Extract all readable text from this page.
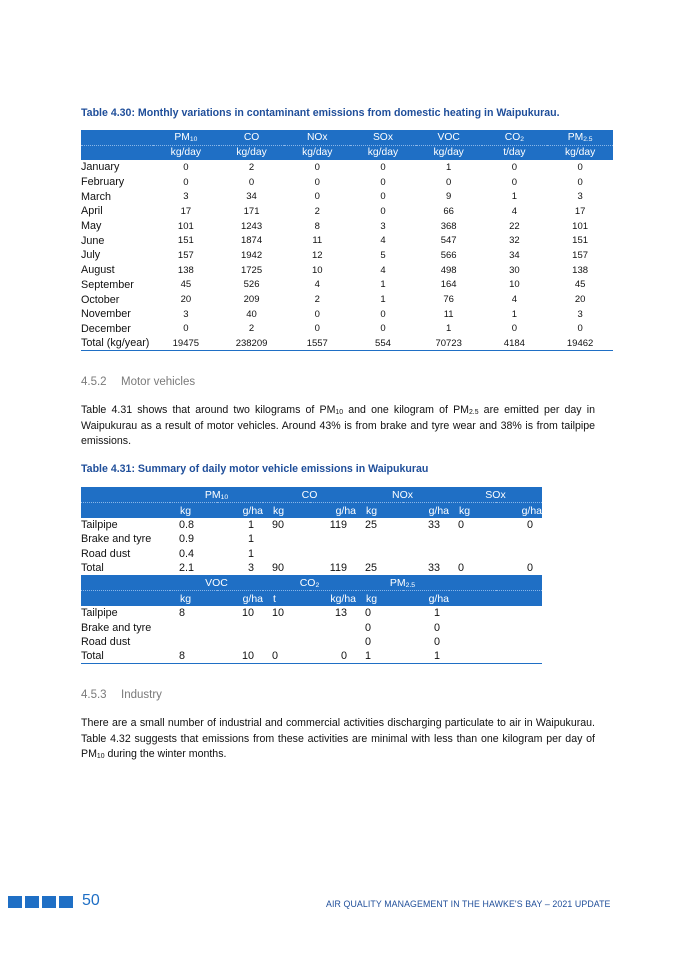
Table 4.30: Monthly variations in contaminant emissions from domestic heating in Waipukurau.
	$PM_{10}$	CO	NOx	SOx	VOC	$CO_2$	$PM_{2.5}$
	kg/day	kg/day	kg/day	kg/day	kg/day	t/day	kg/day
January	0	2	0	0	1	0	0
February	0	0	0	0	0	0	0
March	3	34	0	0	9	1	3
April	17	171	2	0	66	4	17
May	101	1243	8	3	368	22	101
June	151	1874	11	4	547	32	151
July	157	1942	12	5	566	34	157
August	138	1725	10	4	498	30	138
September	45	526	4	1	164	10	45
October	20	209	2	1	76	4	20
November	3	40	0	0	11	1	3
December	0	2	0	0	1	0	0
Total (kg/year)	19475	238209	1557	554	70723	4184	19462
4.5.2 Motor vehicles
Table 4.31 shows that around two kilograms of $PM_{10}$ and one kilogram of $PM_{2.5}$ are emitted per day in Waipukurau as a result of motor vehicles. Around 43% is from brake and tyre wear and 38% is from tailpipe emissions.
Table 4.31: Summary of daily motor vehicle emissions in Waipukurau
	$PM_{10}$		CO		NOx		SOx	
	kg	g/ha	kg	g/ha	kg	g/ha	kg	g/ha
Tailpipe	0.8	1	90	119	25	33	0	0
Brake and tyre	0.9	1						
Road dust	0.4	1						
Total	2.1	3	90	119	25	33	0	0
	VOC		$CO_2$		$PM_{2.5}$	
	kg	g/ha	t	kg/ha	kg	g/ha		
Tailpipe	8	10	10	13	0	1		
Brake and tyre					0	0		
Road dust					0	0		
Total	8	10	0	0	1	1		
4.5.3 Industry
There are a small number of industrial and commercial activities discharging particulate to air in Waipukurau. Table 4.32 suggests that emissions from these activities are minimal with less than one kilogram per day of $PM_{10}$ during the winter months.
50	AIR QUALITY MANAGEMENT IN THE HAWKE'S BAY – 2021 UPDATE
